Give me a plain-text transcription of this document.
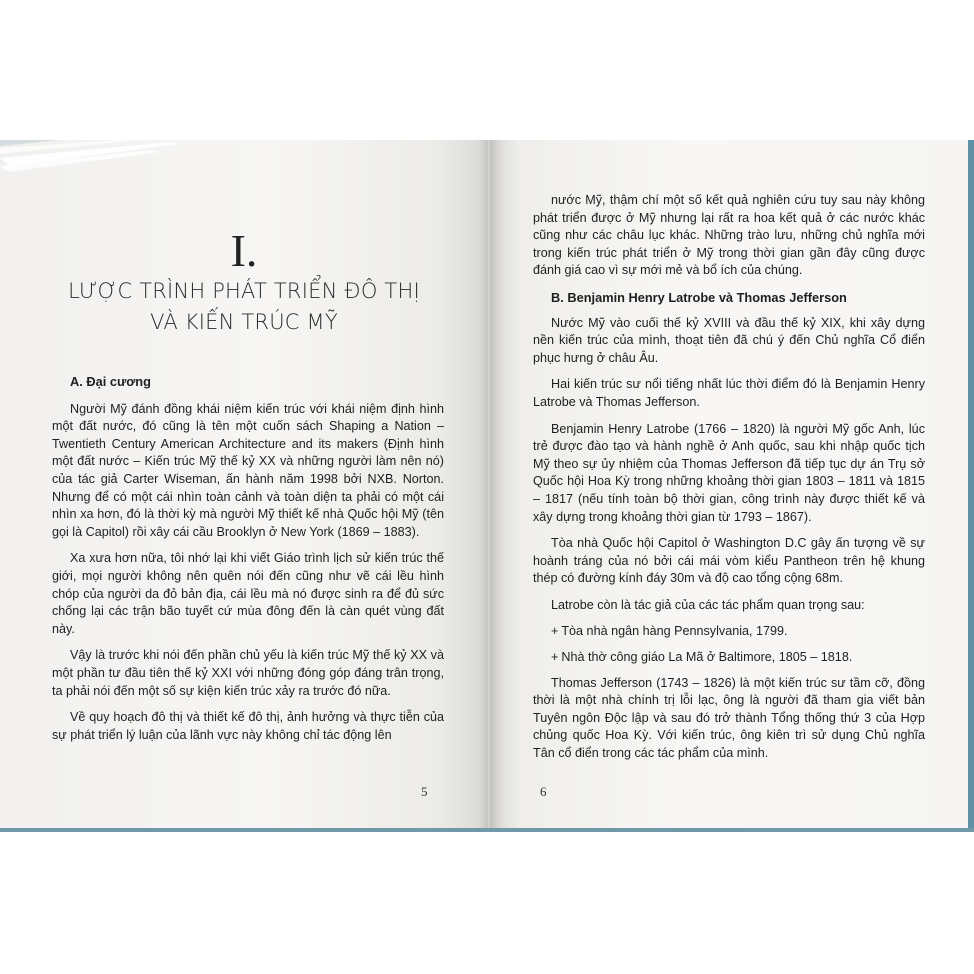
I.
LƯỢC TRÌNH PHÁT TRIỂN ĐÔ THỊ
VÀ KIẾN TRÚC MỸ
A. Đại cương

Người Mỹ đánh đồng khái niệm kiến trúc với khái niệm định hình một đất nước, đó cũng là tên một cuốn sách Shaping a Nation – Twentieth Century American Architecture and its makers (Định hình một đất nước – Kiến trúc Mỹ thế kỷ XX và những người làm nên nó) của tác giả Carter Wiseman, ấn hành năm 1998 bởi NXB. Norton. Nhưng để có một cái nhìn toàn cảnh và toàn diện ta phải có một cái nhìn xa hơn, đó là thời kỳ mà người Mỹ thiết kế nhà Quốc hội Mỹ (tên gọi là Capitol) rồi xây cái cầu Brooklyn ở New York (1869 – 1883).

Xa xưa hơn nữa, tôi nhớ lại khi viết Giáo trình lịch sử kiến trúc thế giới, mọi người không nên quên nói đến cũng như vẽ cái lều hình chóp của người da đỏ bản địa, cái lều mà nó được sinh ra để đủ sức chống lại các trận bão tuyết cứ mùa đông đến là càn quét vùng đất này.

Vậy là trước khi nói đến phần chủ yếu là kiến trúc Mỹ thế kỷ XX và một phần tư đầu tiên thế kỷ XXI với những đóng góp đáng trân trọng, ta phải nói đến một số sự kiện kiến trúc xảy ra trước đó nữa.

Về quy hoạch đô thị và thiết kế đô thị, ảnh hưởng và thực tiễn của sự phát triển lý luận của lãnh vực này không chỉ tác động lên

5

nước Mỹ, thậm chí một số kết quả nghiên cứu tuy sau này không phát triển được ở Mỹ nhưng lại rất ra hoa kết quả ở các nước khác cũng như các châu lục khác. Những trào lưu, những chủ nghĩa mới trong kiến trúc phát triển ở Mỹ trong thời gian gần đây cũng được đánh giá cao vì sự mới mẻ và bổ ích của chúng.

B. Benjamin Henry Latrobe và Thomas Jefferson

Nước Mỹ vào cuối thế kỷ XVIII và đầu thế kỷ XIX, khi xây dựng nền kiến trúc của mình, thoạt tiên đã chú ý đến Chủ nghĩa Cổ điển phục hưng ở châu Âu.

Hai kiến trúc sư nổi tiếng nhất lúc thời điểm đó là Benjamin Henry Latrobe và Thomas Jefferson.

Benjamin Henry Latrobe (1766 – 1820) là người Mỹ gốc Anh, lúc trẻ được đào tạo và hành nghề ở Anh quốc, sau khi nhập quốc tịch Mỹ theo sự ủy nhiệm của Thomas Jefferson đã tiếp tục dự án Trụ sở Quốc hội Hoa Kỳ trong những khoảng thời gian 1803 – 1811 và 1815 – 1817 (nếu tính toàn bộ thời gian, công trình này được thiết kế và xây dựng trong khoảng thời gian từ 1793 – 1867).

Tòa nhà Quốc hội Capitol ở Washington D.C gây ấn tượng về sự hoành tráng của nó bởi cái mái vòm kiểu Pantheon trên hệ khung thép có đường kính đáy 30m và độ cao tổng cộng 68m.

Latrobe còn là tác giả của các tác phẩm quan trọng sau:

+ Tòa nhà ngân hàng Pennsylvania, 1799.
+ Nhà thờ công giáo La Mã ở Baltimore, 1805 – 1818.

Thomas Jefferson (1743 – 1826) là một kiến trúc sư tầm cỡ, đồng thời là một nhà chính trị lỗi lạc, ông là người đã tham gia viết bản Tuyên ngôn Độc lập và sau đó trở thành Tổng thống thứ 3 của Hợp chủng quốc Hoa Kỳ. Với kiến trúc, ông kiên trì sử dụng Chủ nghĩa Tân cổ điển trong các tác phẩm của mình.

6
